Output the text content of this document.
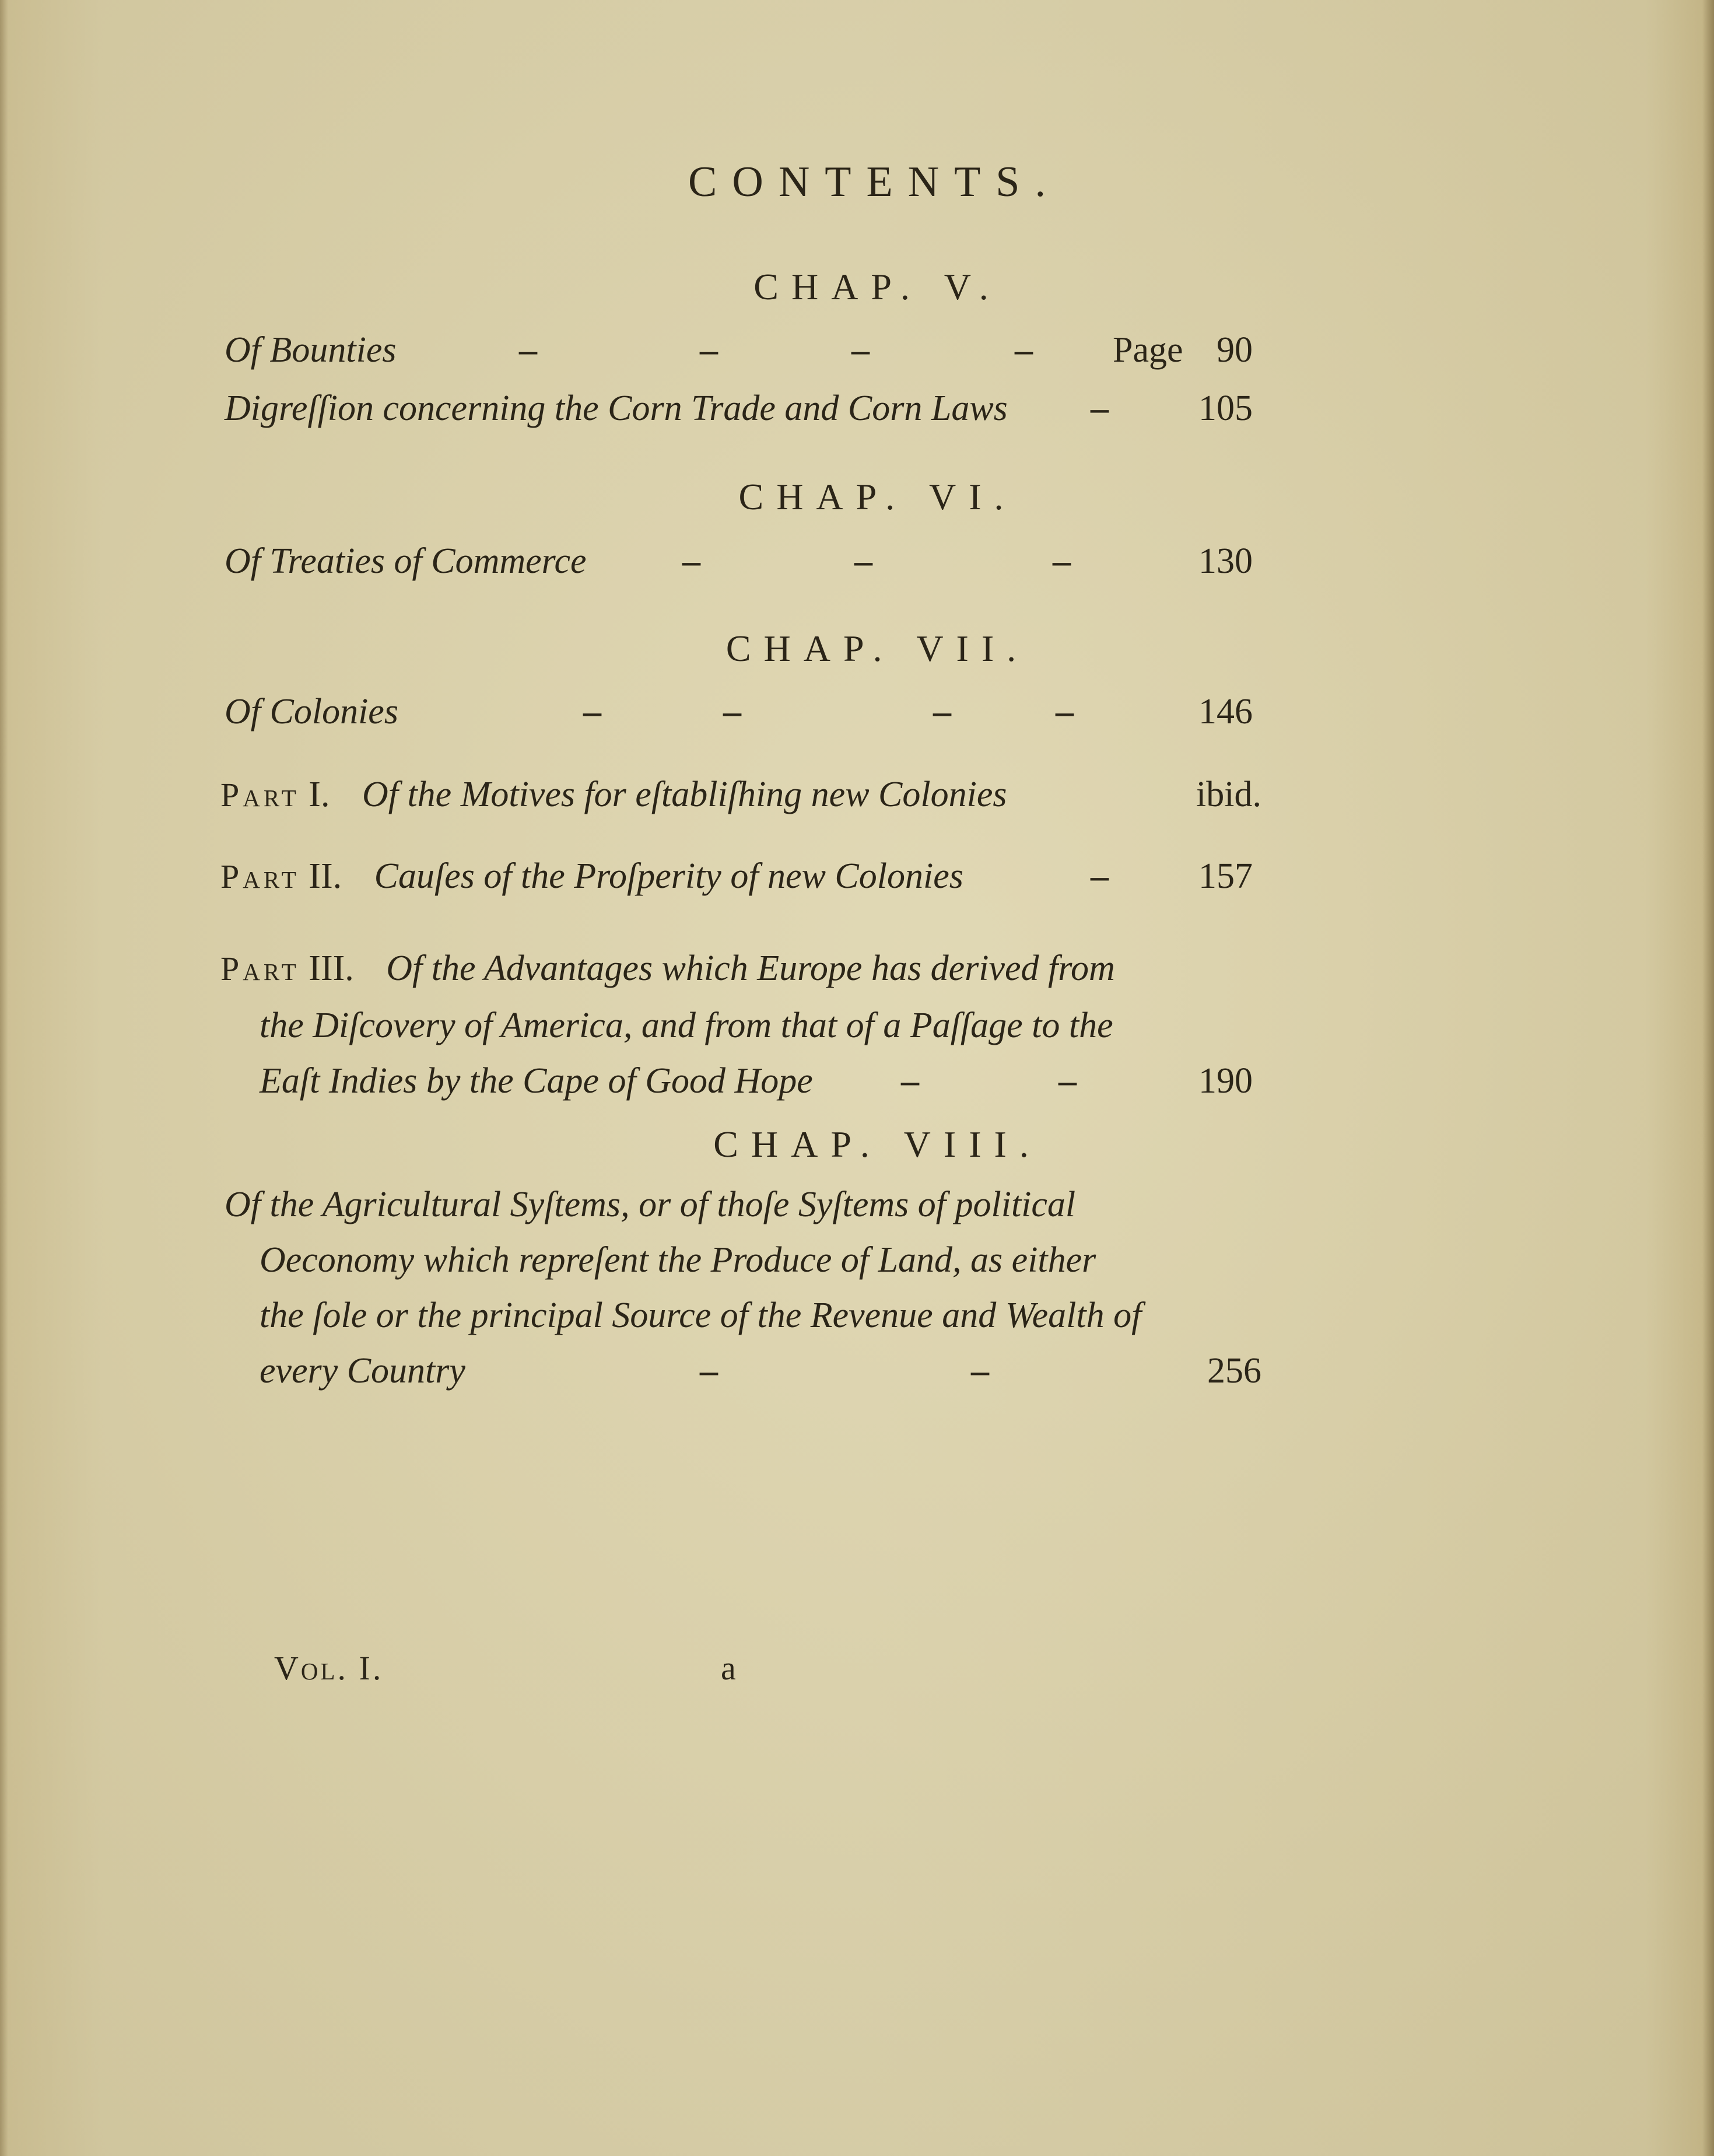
CONTENTS.
CHAP. V.
Of Bounties	–	–	–	– Page 90
Digreſſion concerning the Corn Trade and Corn Laws –	105
CHAP. VI.
Of Treaties of Commerce	–	–	–	130
CHAP. VII.
Of Colonies	–	–	–	–	146
Part I. Of the Motives for eſtabliſhing new Colonies	ibid.
Part II. Cauſes of the Proſperity of new Colonies	–	157
Part III. Of the Advantages which Europe has derived from
the Diſcovery of America, and from that of a Paſſage to the
Eaſt Indies by the Cape of Good Hope –	–	190
CHAP. VIII.
Of the Agricultural Syſtems, or of thoſe Syſtems of political
Oeconomy which repreſent the Produce of Land, as either
the ſole or the principal Source of the Revenue and Wealth of
every Country	–	–	256
Vol. I.	a
